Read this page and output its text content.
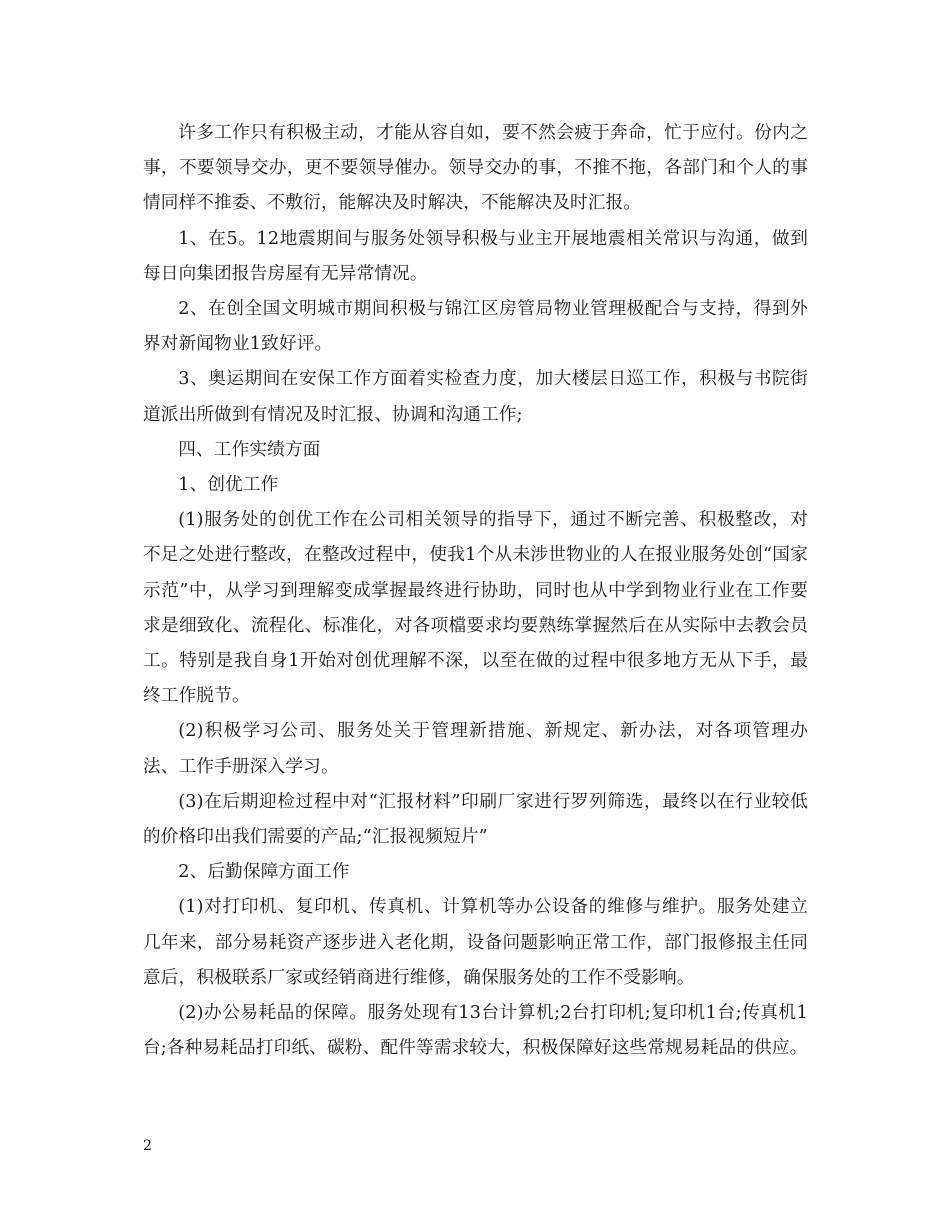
许多工作只有积极主动，才能从容自如，要不然会疲于奔命，忙于应付。份内之事，不要领导交办，更不要领导催办。领导交办的事，不推不拖，各部门和个人的事情同样不推委、不敷衍，能解决及时解决，不能解决及时汇报。

1、在5。12地震期间与服务处领导积极与业主开展地震相关常识与沟通，做到每日向集团报告房屋有无异常情况。

2、在创全国文明城市期间积极与锦江区房管局物业管理极配合与支持，得到外界对新闻物业1致好评。

3、奥运期间在安保工作方面着实检查力度，加大楼层日巡工作，积极与书院街道派出所做到有情况及时汇报、协调和沟通工作;

四、工作实绩方面

1、创优工作

(1)服务处的创优工作在公司相关领导的指导下，通过不断完善、积极整改，对不足之处进行整改，在整改过程中，使我1个从未涉世物业的人在报业服务处创“国家示范”中，从学习到理解变成掌握最终进行协助，同时也从中学到物业行业在工作要求是细致化、流程化、标准化，对各项檔要求均要熟练掌握然后在从实际中去教会员工。特别是我自身1开始对创优理解不深，以至在做的过程中很多地方无从下手，最终工作脱节。

(2)积极学习公司、服务处关于管理新措施、新规定、新办法，对各项管理办法、工作手册深入学习。

(3)在后期迎检过程中对“汇报材料”印刷厂家进行罗列筛选，最终以在行业较低的价格印出我们需要的产品;“汇报视频短片”

2、后勤保障方面工作

(1)对打印机、复印机、传真机、计算机等办公设备的维修与维护。服务处建立几年来，部分易耗资产逐步进入老化期，设备问题影响正常工作，部门报修报主任同意后，积极联系厂家或经销商进行维修，确保服务处的工作不受影响。

(2)办公易耗品的保障。服务处现有13台计算机;2台打印机;复印机1台;传真机1台;各种易耗品打印纸、碳粉、配件等需求较大，积极保障好这些常规易耗品的供应。

2
